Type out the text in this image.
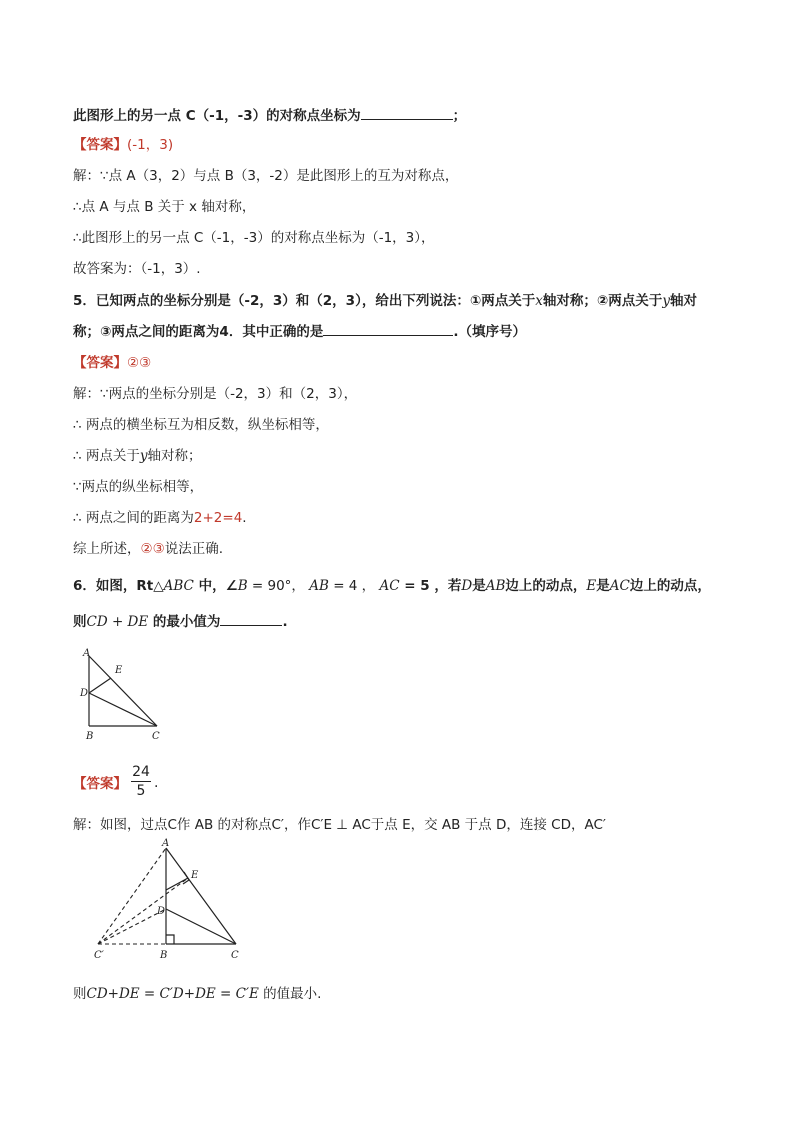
此图形上的另一点 C（-1，-3）的对称点坐标为	；
【答案】(-1，3)
解：∵点 A（3，2）与点 B（3，-2）是此图形上的互为对称点，
∴点 A 与点 B 关于 x 轴对称，
∴此图形上的另一点 C（-1，-3）的对称点坐标为（-1，3），
故答案为：（-1，3）.
5．已知两点的坐标分别是（-2，3）和（2，3），给出下列说法：①两点关于x轴对称；②两点关于y轴对
称；③两点之间的距离为4．其中正确的是	.（填序号）
【答案】②③
解：∵两点的坐标分别是（-2，3）和（2，3），
∴ 两点的横坐标互为相反数，纵坐标相等，
∴ 两点关于y轴对称；
∵两点的纵坐标相等，
∴ 两点之间的距离为2+2=4.
综上所述，②③说法正确.
6．如图，Rt△ABC 中，∠B = 90°， AB = 4 ， AC = 5 ，若D是AB边上的动点，E是AC边上的动点，
则CD + DE 的最小值为	.
A
E
D
B	C
【答案】 $\frac{24}{5}$ .
解：如图，过点C作 AB 的对称点C′，作C′E ⊥ AC于点 E，交 AB 于点 D，连接 CD，AC′
A
E
D
B	C
C′
则CD+DE = C′D+DE = C′E 的值最小.
